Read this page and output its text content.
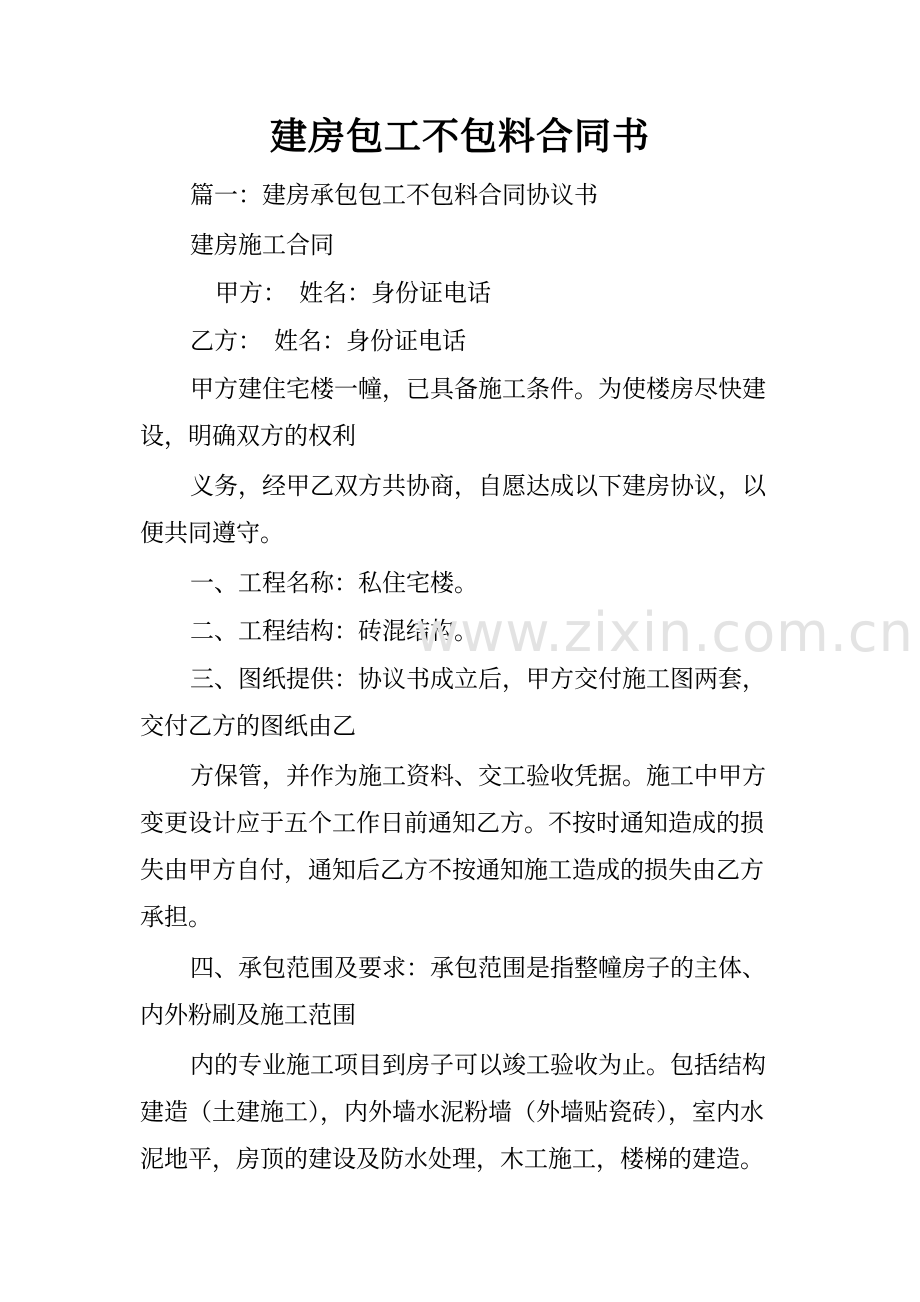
建房包工不包料合同书
篇一：建房承包包工不包料合同协议书
建房施工合同
甲方：　姓名：身份证电话
乙方：　姓名：身份证电话
甲方建住宅楼一幢，已具备施工条件。为使楼房尽快建
设，明确双方的权利
义务，经甲乙双方共协商，自愿达成以下建房协议，以
便共同遵守。
一、工程名称：私住宅楼。
二、工程结构：砖混结构。
三、图纸提供：协议书成立后，甲方交付施工图两套，
交付乙方的图纸由乙
方保管，并作为施工资料、交工验收凭据。施工中甲方
变更设计应于五个工作日前通知乙方。不按时通知造成的损
失由甲方自付，通知后乙方不按通知施工造成的损失由乙方
承担。
四、承包范围及要求：承包范围是指整幢房子的主体、
内外粉刷及施工范围
内的专业施工项目到房子可以竣工验收为止。包括结构
建造（土建施工），内外墙水泥粉墙（外墙贴瓷砖），室内水
泥地平，房顶的建设及防水处理，木工施工，楼梯的建造。
www.zixin.com.cn
